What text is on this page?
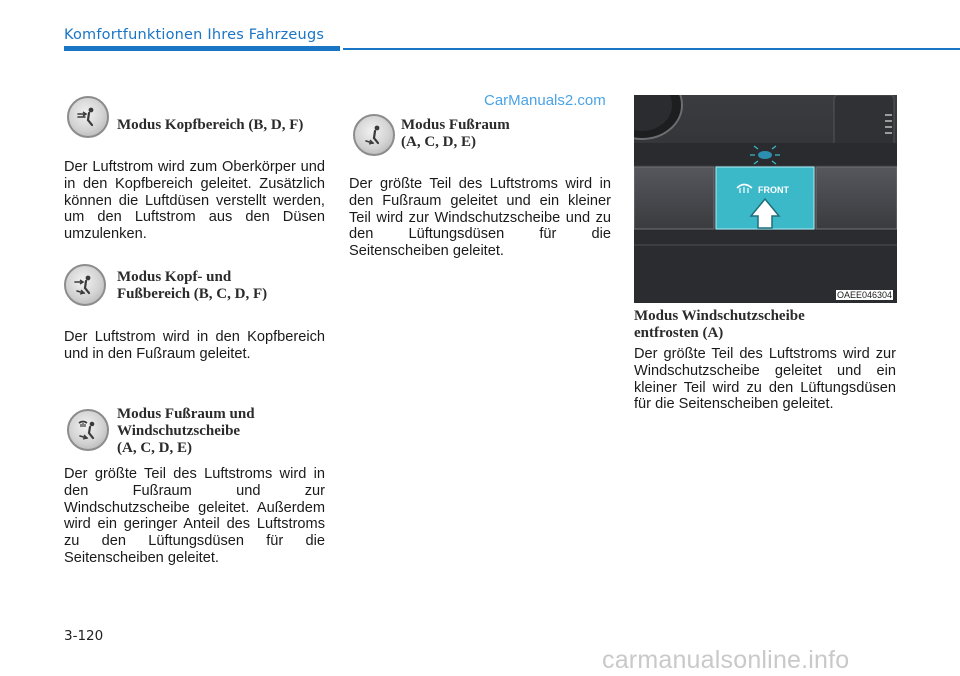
Komfortfunktionen Ihres Fahrzeugs
CarManuals2.com
Modus Kopfbereich (B, D, F)
Der Luftstrom wird zum Oberkörper und in den Kopfbereich geleitet. Zusätzlich können die Luftdüsen verstellt werden, um den Luftstrom aus den Düsen umzulenken.
Modus Kopf- und
Fußbereich (B, C, D, F)
Der Luftstrom wird in den Kopfbereich und in den Fußraum geleitet.
Modus Fußraum und
Windschutzscheibe
(A, C, D, E)
Der größte Teil des Luftstroms wird in den Fußraum und zur Windschutzscheibe geleitet. Außerdem wird ein geringer Anteil des Luftstroms zu den Lüftungsdüsen für die Seitenscheiben geleitet.
Modus Fußraum
(A, C, D, E)
Der größte Teil des Luftstroms wird in den Fußraum geleitet und ein kleiner Teil wird zur Windschutzscheibe und zu den Lüftungsdüsen für die Seitenscheiben geleitet.
FRONT
OAEE046304
Modus Windschutzscheibe
entfrosten (A)
Der größte Teil des Luftstroms wird zur Windschutzscheibe geleitet und ein kleiner Teil wird zu den Lüftungsdüsen für die Seitenscheiben geleitet.
3-120
carmanualsonline.info
